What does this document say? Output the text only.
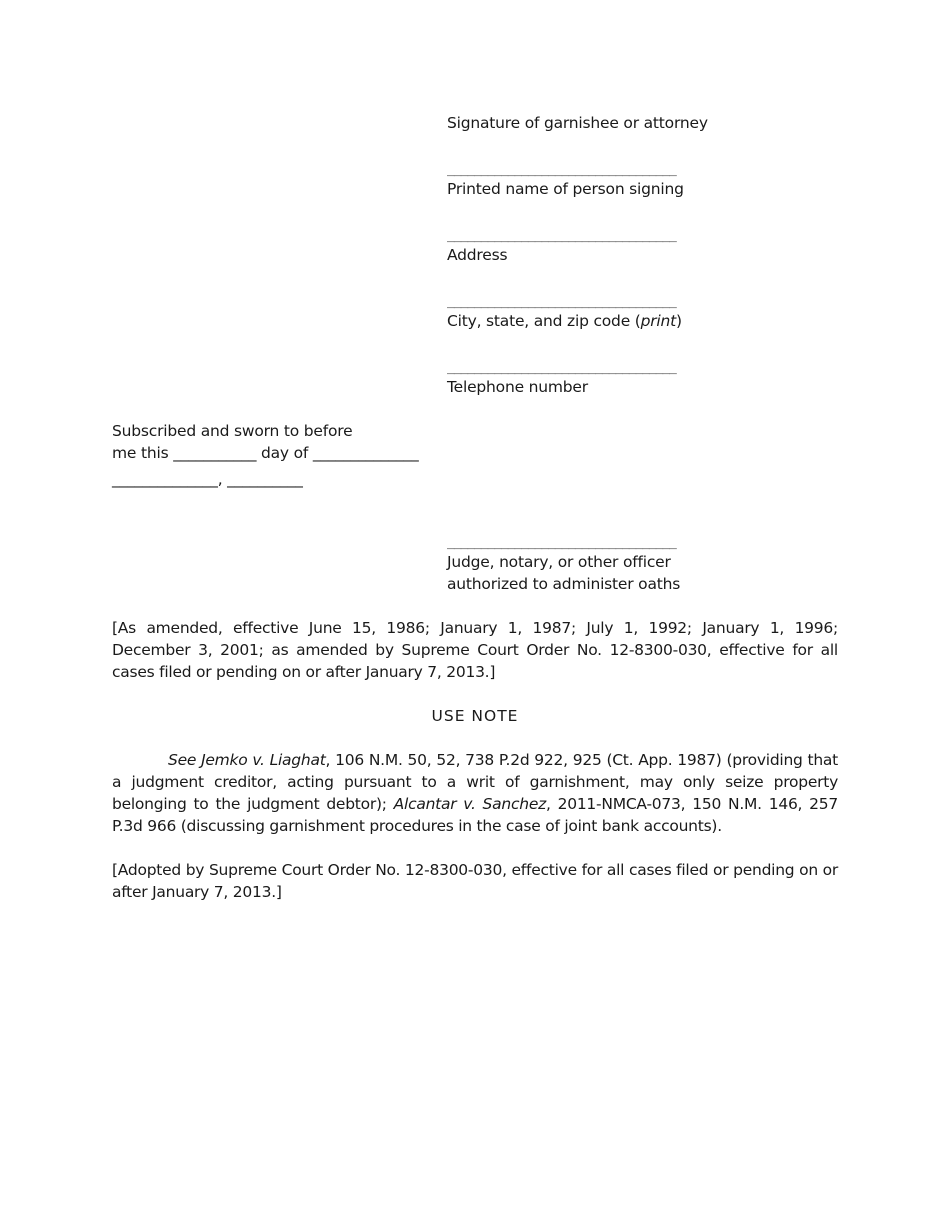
Signature of garnishee or attorney
__________________________________
Printed name of person signing
__________________________________
Address
__________________________________
City, state, and zip code (print)
__________________________________
Telephone number
Subscribed and sworn to before
me this ___________ day of ______________
______________, __________
__________________________________
Judge, notary, or other officer
authorized to administer oaths
[As amended, effective June 15, 1986; January 1, 1987; July 1, 1992; January 1, 1996; December 3, 2001; as amended by Supreme Court Order No. 12-8300-030, effective for all cases filed or pending on or after January 7, 2013.]
USE NOTE
See Jemko v. Liaghat, 106 N.M. 50, 52, 738 P.2d 922, 925 (Ct. App. 1987) (providing that a judgment creditor, acting pursuant to a writ of garnishment, may only seize property belonging to the judgment debtor); Alcantar v. Sanchez, 2011-NMCA-073, 150 N.M. 146, 257 P.3d 966 (discussing garnishment procedures in the case of joint bank accounts).
[Adopted by Supreme Court Order No. 12-8300-030, effective for all cases filed or pending on or after January 7, 2013.]
